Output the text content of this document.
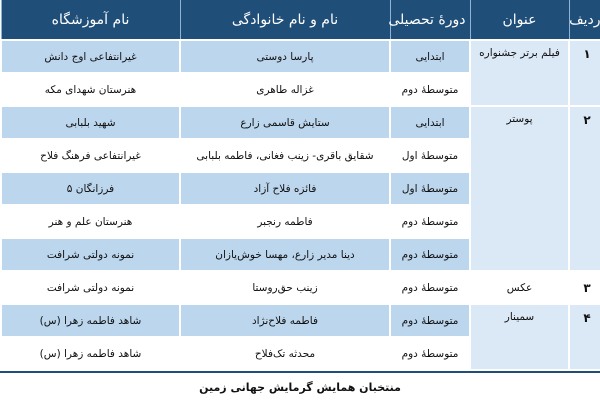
ردیف	عنوان	دورهٔ تحصیلی	نام و نام خانوادگی	نام آموزشگاه
۱	فیلم برتر جشنواره	ابتدایی	پارسا دوستی	غیرانتفاعی اوج دانش
		متوسطهٔ دوم	غزاله طاهری	هنرستان شهدای مکه
۲	پوستر	ابتدایی	ستایش قاسمی زارع	شهید بلبابی
		متوسطهٔ اول	شقایق باقری- زینب فغانی، فاطمه بلبابی	غیرانتفاعی فرهنگ فلاح
		متوسطهٔ اول	فائزه فلاح آزاد	فرزانگان ۵
		متوسطهٔ دوم	فاطمه رنجبر	هنرستان علم و هنر
		متوسطهٔ دوم	دینا مدیر زارع، مهسا خوش‌یازان	نمونه دولتی شرافت
۳	عکس	متوسطهٔ دوم	زینب حق‌روستا	نمونه دولتی شرافت
۴	سمینار	متوسطهٔ دوم	فاطمه فلاح‌نژاد	شاهد فاطمه زهرا (س)
		متوسطهٔ دوم	محدثه تک‌فلاح	شاهد فاطمه زهرا (س)
منتخبان همایش گرمایش جهانی زمین
